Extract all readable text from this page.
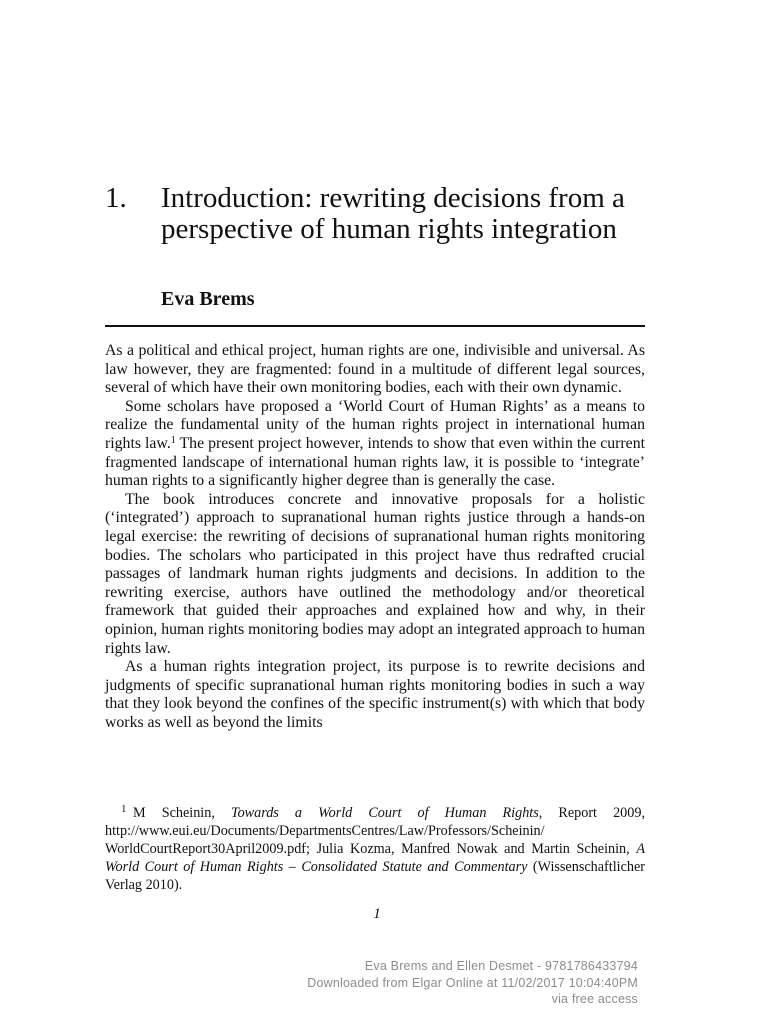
1. Introduction: rewriting decisions from a perspective of human rights integration
Eva Brems

As a political and ethical project, human rights are one, indivisible and universal. As law however, they are fragmented: found in a multitude of different legal sources, several of which have their own monitoring bodies, each with their own dynamic.

Some scholars have proposed a ‘World Court of Human Rights’ as a means to realize the fundamental unity of the human rights project in international human rights law.$^1$ The present project however, intends to show that even within the current fragmented landscape of international human rights law, it is possible to ‘integrate’ human rights to a significantly higher degree than is generally the case.

The book introduces concrete and innovative proposals for a holistic (‘integrated’) approach to supranational human rights justice through a hands-on legal exercise: the rewriting of decisions of supranational human rights monitoring bodies. The scholars who participated in this project have thus redrafted crucial passages of landmark human rights judgments and decisions. In addition to the rewriting exercise, authors have outlined the methodology and/or theoretical framework that guided their approaches and explained how and why, in their opinion, human rights monitoring bodies may adopt an integrated approach to human rights law.

As a human rights integration project, its purpose is to rewrite decisions and judgments of specific supranational human rights monitoring bodies in such a way that they look beyond the confines of the specific instrument(s) with which that body works as well as beyond the limits

1 M Scheinin, Towards a World Court of Human Rights, Report 2009, http://www.eui.eu/Documents/DepartmentsCentres/Law/Professors/Scheinin/ WorldCourtReport30April2009.pdf; Julia Kozma, Manfred Nowak and Martin Scheinin, A World Court of Human Rights – Consolidated Statute and Commentary (Wissenschaftlicher Verlag 2010).
1
Eva Brems and Ellen Desmet - 9781786433794
Downloaded from Elgar Online at 11/02/2017 10:04:40PM
via free access
